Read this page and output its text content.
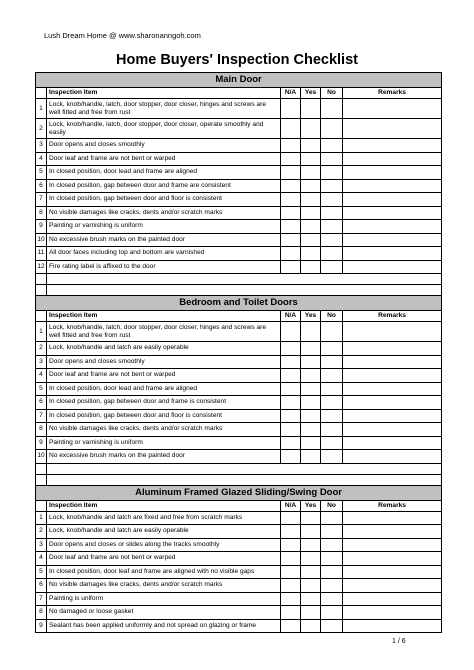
Lush Dream Home @ www.sharonanngoh.com
Home Buyers' Inspection Checklist
Main Door					
	Inspection Item	N/A	Yes	No	Remarks
1	Lock, knob/handle, latch, door stopper, door closer, hinges and screws are well fitted and free from rust				
2	Lock, knob/handle, latch, door stopper, door closer, operate smoothly and easily				
3	Door opens and closes smoothly				
4	Door leaf and frame are not bent or warped				
5	In closed position, door lead and frame are aligned				
6	In closed position, gap between door and frame are consistent				
7	In closed position, gap between door and floor is consistent				
8	No visible damages like cracks, dents and/or scratch marks				
9	Painting or varnishing is uniform				
10	No excessive brush marks on the painted door				
11	All door faces including top and bottom are varnished				
12	Fire rating label is affixed to the door				

Bedroom and Toilet Doors					
	Inspection Item	N/A	Yes	No	Remarks
1	Lock, knob/handle, latch, door stopper, door closer, hinges and screws are well fitted and free from rust				
2	Lock, knob/handle and latch are easily operable				
3	Door opens and closes smoothly				
4	Door leaf and frame are not bent or warped				
5	In closed position, door lead and frame are aligned				
6	In closed position, gap between door and frame is consistent				
7	In closed position, gap between door and floor is consistent				
8	No visible damages like cracks, dents and/or scratch marks				
9	Painting or varnishing is uniform				
10	No excessive brush marks on the painted door				

Aluminum Framed Glazed Sliding/Swing Door					
	Inspection Item	N/A	Yes	No	Remarks
1	Lock, knob/handle and latch are fixed and free from scratch marks				
2	Lock, knob/handle and latch are easily operable				
3	Door opens and closes or slides along the tracks smoothly				
4	Door leaf and frame are not bent or warped				
5	In closed position, door leaf and frame are aligned with no visible gaps				
6	No visible damages like cracks, dents and/or scratch marks				
7	Painting is uniform				
8	No damaged or loose gasket				
9	Sealant has been applied uniformly and not spread on glazing or frame				
1 / 6
